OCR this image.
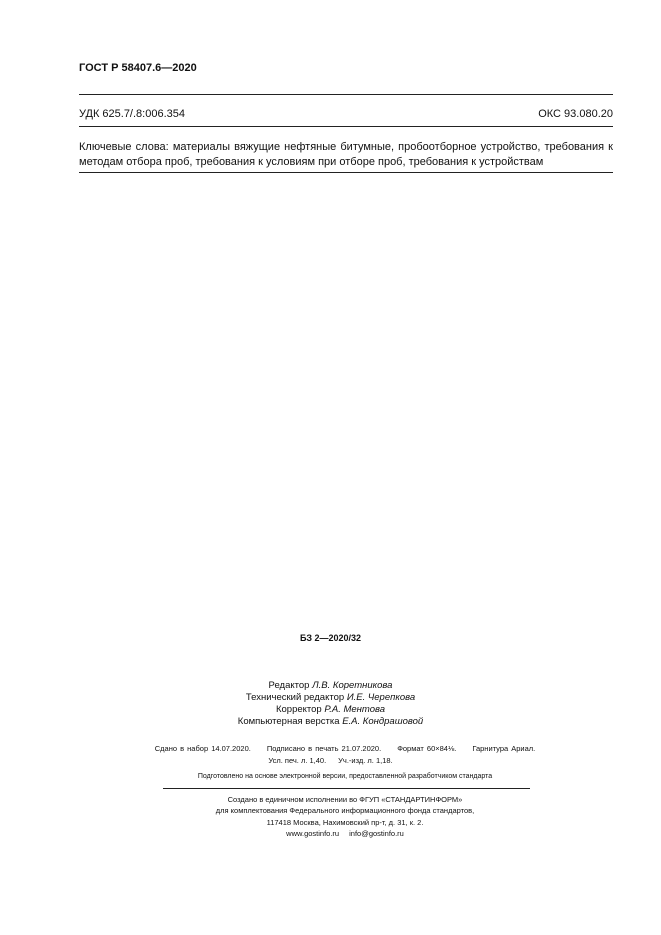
ГОСТ Р 58407.6—2020
УДК 625.7/.8:006.354	ОКС 93.080.20
Ключевые слова: материалы вяжущие нефтяные битумные, пробоотборное устройство, требования к методам отбора проб, требования к условиям при отборе проб, требования к устройствам
БЗ 2—2020/32
Редактор Л.В. Коретникова
Технический редактор И.Е. Черепкова
Корректор Р.А. Ментова
Компьютерная верстка Е.А. Кондрашовой
Сдано в набор 14.07.2020. Подписано в печать 21.07.2020. Формат 60×84⅛. Гарнитура Ариал.
Усл. печ. л. 1,40. Уч.-изд. л. 1,18.
Подготовлено на основе электронной версии, предоставленной разработчиком стандарта
Создано в единичном исполнении во ФГУП «СТАНДАРТИНФОРМ»
для комплектования Федерального информационного фонда стандартов,
117418 Москва, Нахимовский пр-т, д. 31, к. 2.
www.gostinfo.ru info@gostinfo.ru
